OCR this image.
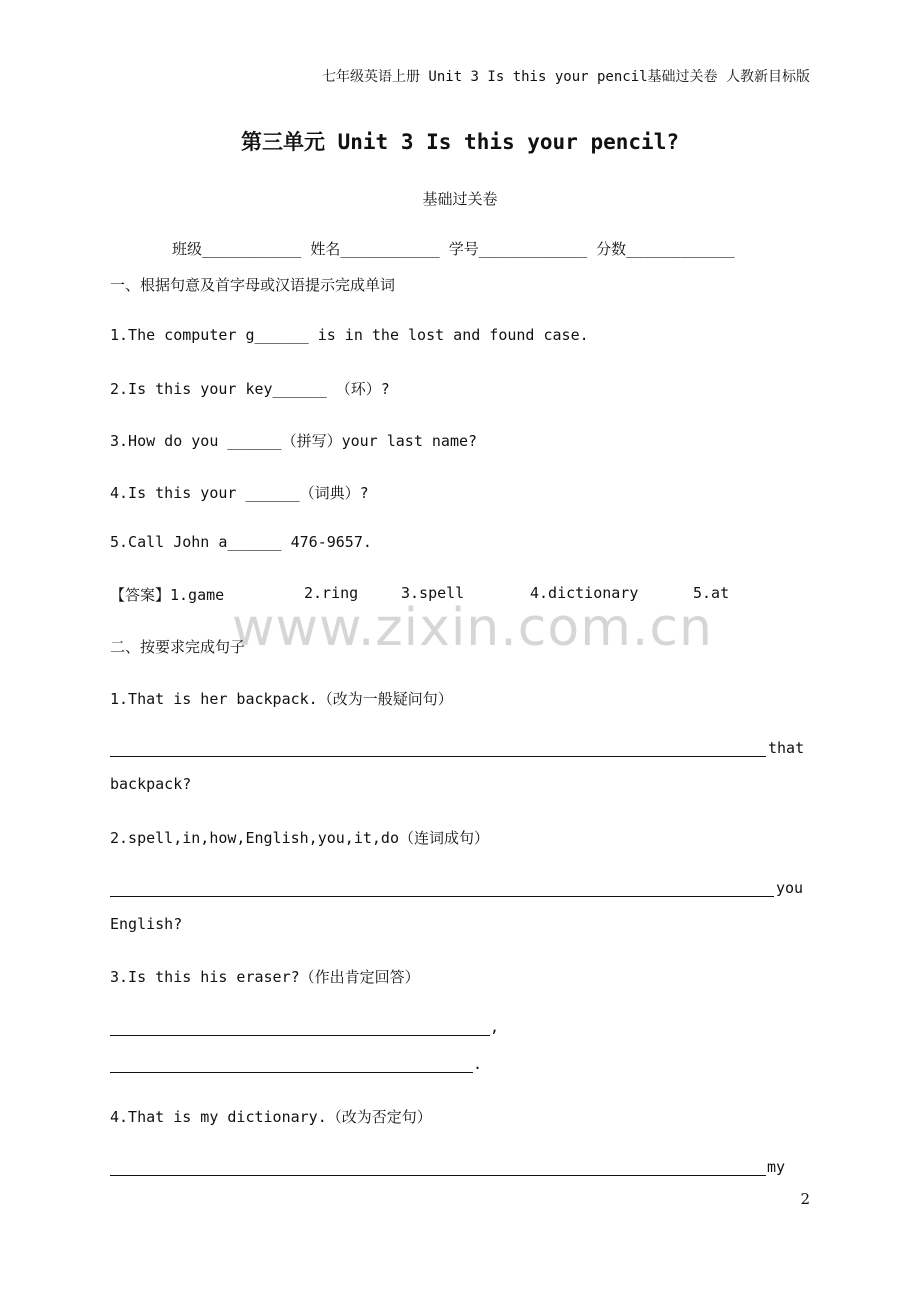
七年级英语上册 Unit 3 Is this your pencil基础过关卷 人教新目标版
第三单元 Unit 3 Is this your pencil?
基础过关卷
班级___________ 姓名___________ 学号____________ 分数____________
一、根据句意及首字母或汉语提示完成单词
1.The computer g______ is in the lost and found case.
2.Is this your key______ （环）?
3.How do you ______（拼写）your last name?
4.Is this your ______（词典）?
5.Call John a______ 476-9657.

【答案】1.game

	2.ring

	3.spell

	4.dictionary

	5.at

www.zixin.com.cn
二、按要求完成句子
1.That is her backpack.（改为一般疑问句）
that
backpack?
2.spell,in,how,English,you,it,do（连词成句）
you
English?
3.Is this his eraser?（作出肯定回答）
,
.
4.That is my dictionary.（改为否定句）
my
2
